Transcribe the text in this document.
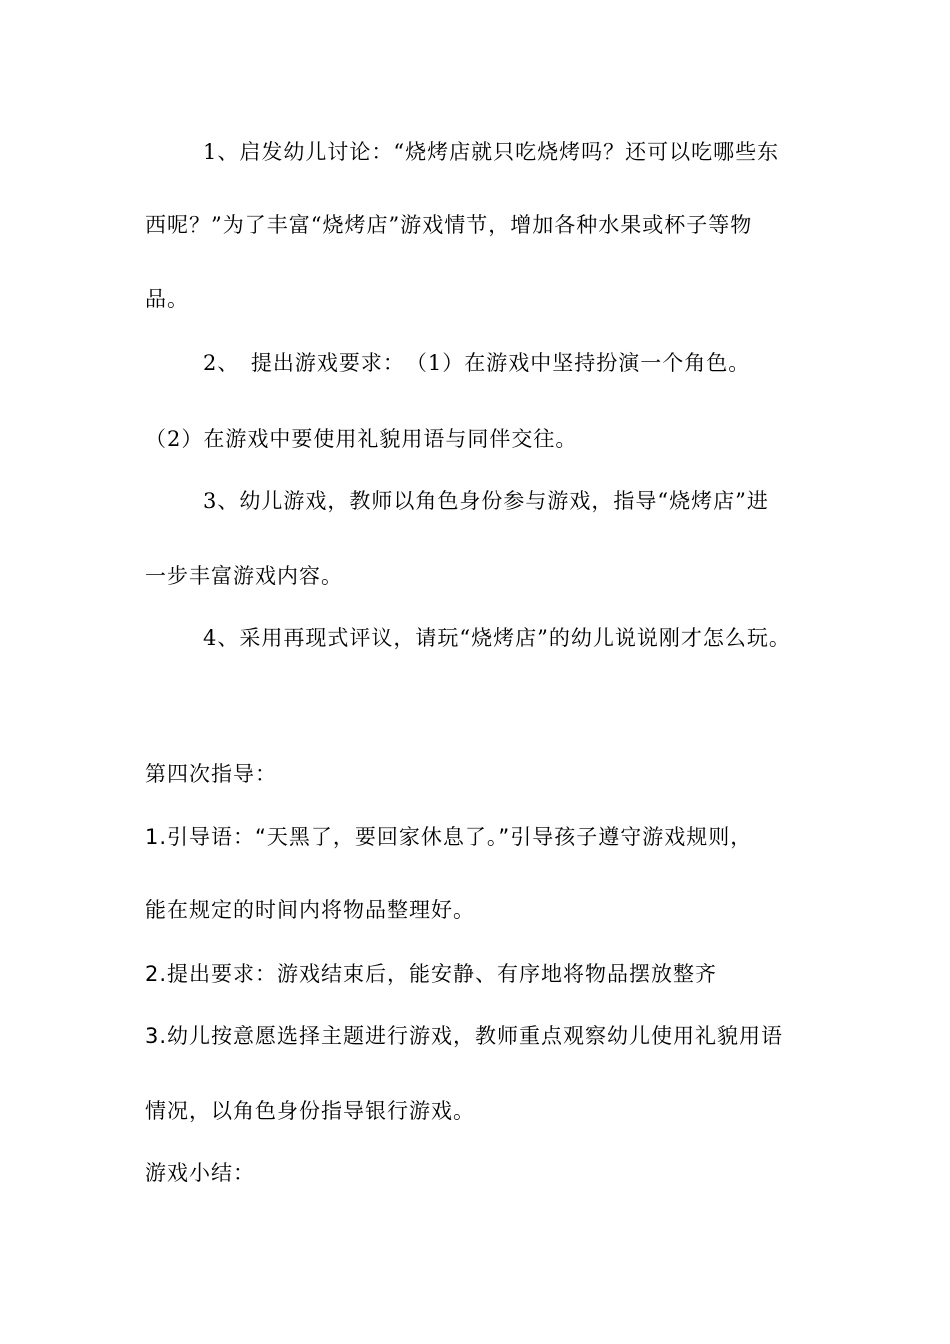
1、启发幼儿讨论：“烧烤店就只吃烧烤吗？还可以吃哪些东

西呢？”为了丰富“烧烤店”游戏情节，增加各种水果或杯子等物

品。

2、　提出游戏要求：　（1）在游戏中坚持扮演一个角色。

（2）在游戏中要使用礼貌用语与同伴交往。

3、幼儿游戏，教师以角色身份参与游戏，指导“烧烤店”进

一步丰富游戏内容。

4、采用再现式评议，请玩“烧烤店”的幼儿说说刚才怎么玩。

第四次指导：

1.引导语：“天黑了，要回家休息了。”引导孩子遵守游戏规则，

能在规定的时间内将物品整理好。

2.提出要求：游戏结束后，能安静、有序地将物品摆放整齐

3.幼儿按意愿选择主题进行游戏，教师重点观察幼儿使用礼貌用语

情况，以角色身份指导银行游戏。

游戏小结：
